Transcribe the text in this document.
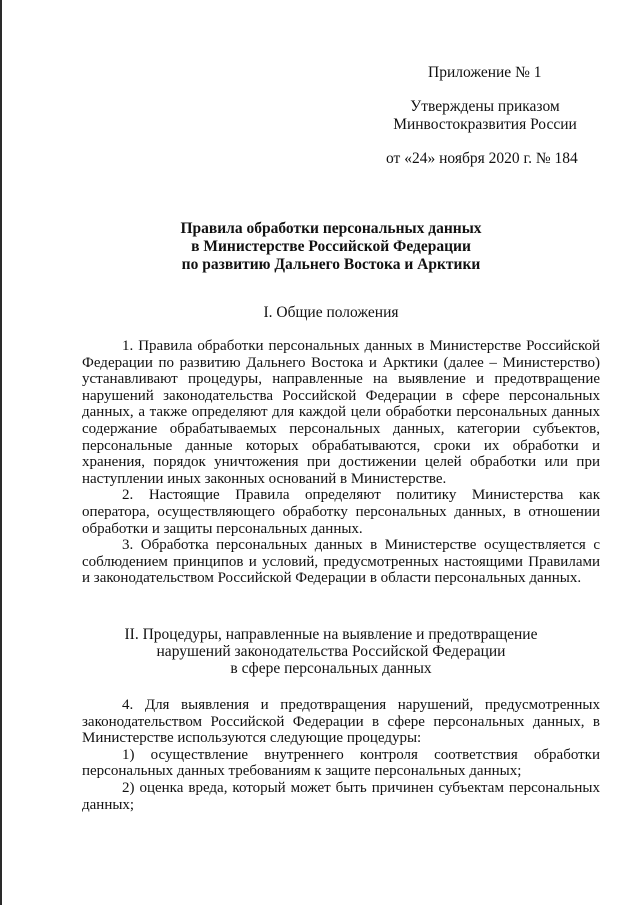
Приложение № 1
Утверждены приказом
Минвостокразвития России
от «24» ноября 2020 г. № 184
Правила обработки персональных данных
в Министерстве Российской Федерации
по развитию Дальнего Востока и Арктики
I. Общие положения

1. Правила обработки персональных данных в Министерстве Российской Федерации по развитию Дальнего Востока и Арктики (далее – Министерство) устанавливают процедуры, направленные на выявление и предотвращение нарушений законодательства Российской Федерации в сфере персональных данных, а также определяют для каждой цели обработки персональных данных содержание обрабатываемых персональных данных, категории субъектов, персональные данные которых обрабатываются, сроки их обработки и хранения, порядок уничтожения при достижении целей обработки или при наступлении иных законных оснований в Министерстве.

2. Настоящие Правила определяют политику Министерства как оператора, осуществляющего обработку персональных данных, в отношении обработки и защиты персональных данных.

3. Обработка персональных данных в Министерстве осуществляется с соблюдением принципов и условий, предусмотренных настоящими Правилами и законодательством Российской Федерации в области персональных данных.

II. Процедуры, направленные на выявление и предотвращение
нарушений законодательства Российской Федерации
в сфере персональных данных

4. Для выявления и предотвращения нарушений, предусмотренных законодательством Российской Федерации в сфере персональных данных, в Министерстве используются следующие процедуры:

1) осуществление внутреннего контроля соответствия обработки персональных данных требованиям к защите персональных данных;

2) оценка вреда, который может быть причинен субъектам персональных данных;
